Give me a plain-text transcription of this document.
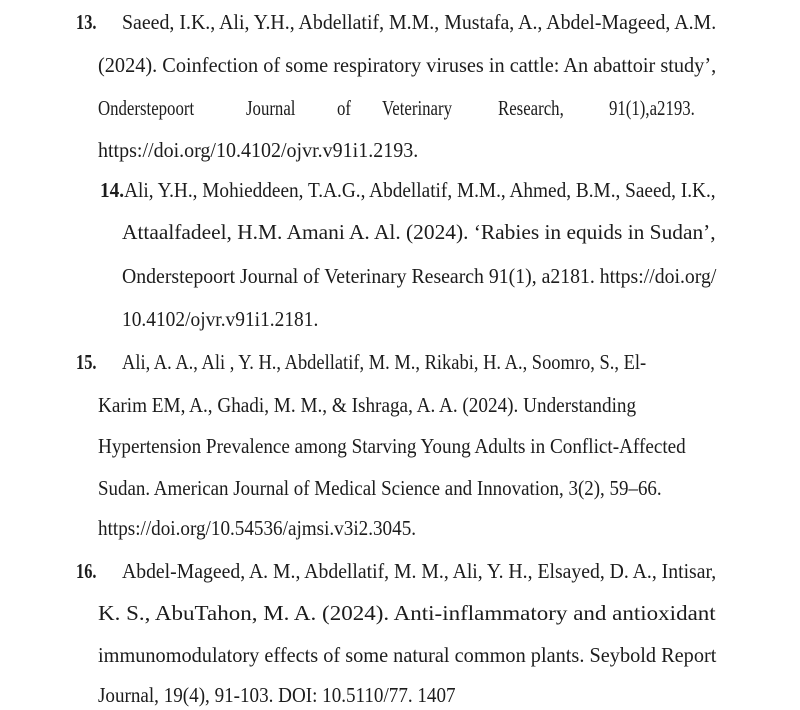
13. Saeed, I.K., Ali, Y.H., Abdellatif, M.M., Mustafa, A., Abdel-Mageed, A.M.
(2024). Coinfection of some respiratory viruses in cattle: An abattoir study’,
Onderstepoort Journal of Veterinary Research, 91(1),a2193.
https://doi.org/10.4102/ojvr.v91i1.2193.
14.Ali, Y.H., Mohieddeen, T.A.G., Abdellatif, M.M., Ahmed, B.M., Saeed, I.K.,
Attaalfadeel, H.M. Amani A. Al. (2024). ‘Rabies in equids in Sudan’,
Onderstepoort Journal of Veterinary Research 91(1), a2181. https://doi.org/
10.4102/ojvr.v91i1.2181.
15. Ali, A. A., Ali , Y. H., Abdellatif, M. M., Rikabi, H. A., Soomro, S., El-
Karim EM, A., Ghadi, M. M., & Ishraga, A. A. (2024). Understanding
Hypertension Prevalence among Starving Young Adults in Conflict-Affected
Sudan. American Journal of Medical Science and Innovation, 3(2), 59–66.
https://doi.org/10.54536/ajmsi.v3i2.3045.
16. Abdel-Mageed, A. M., Abdellatif, M. M., Ali, Y. H., Elsayed, D. A., Intisar,
K. S., AbuTahon, M. A. (2024). Anti-inflammatory and antioxidant
immunomodulatory effects of some natural common plants. Seybold Report
Journal, 19(4), 91-103. DOI: 10.5110/77. 1407
